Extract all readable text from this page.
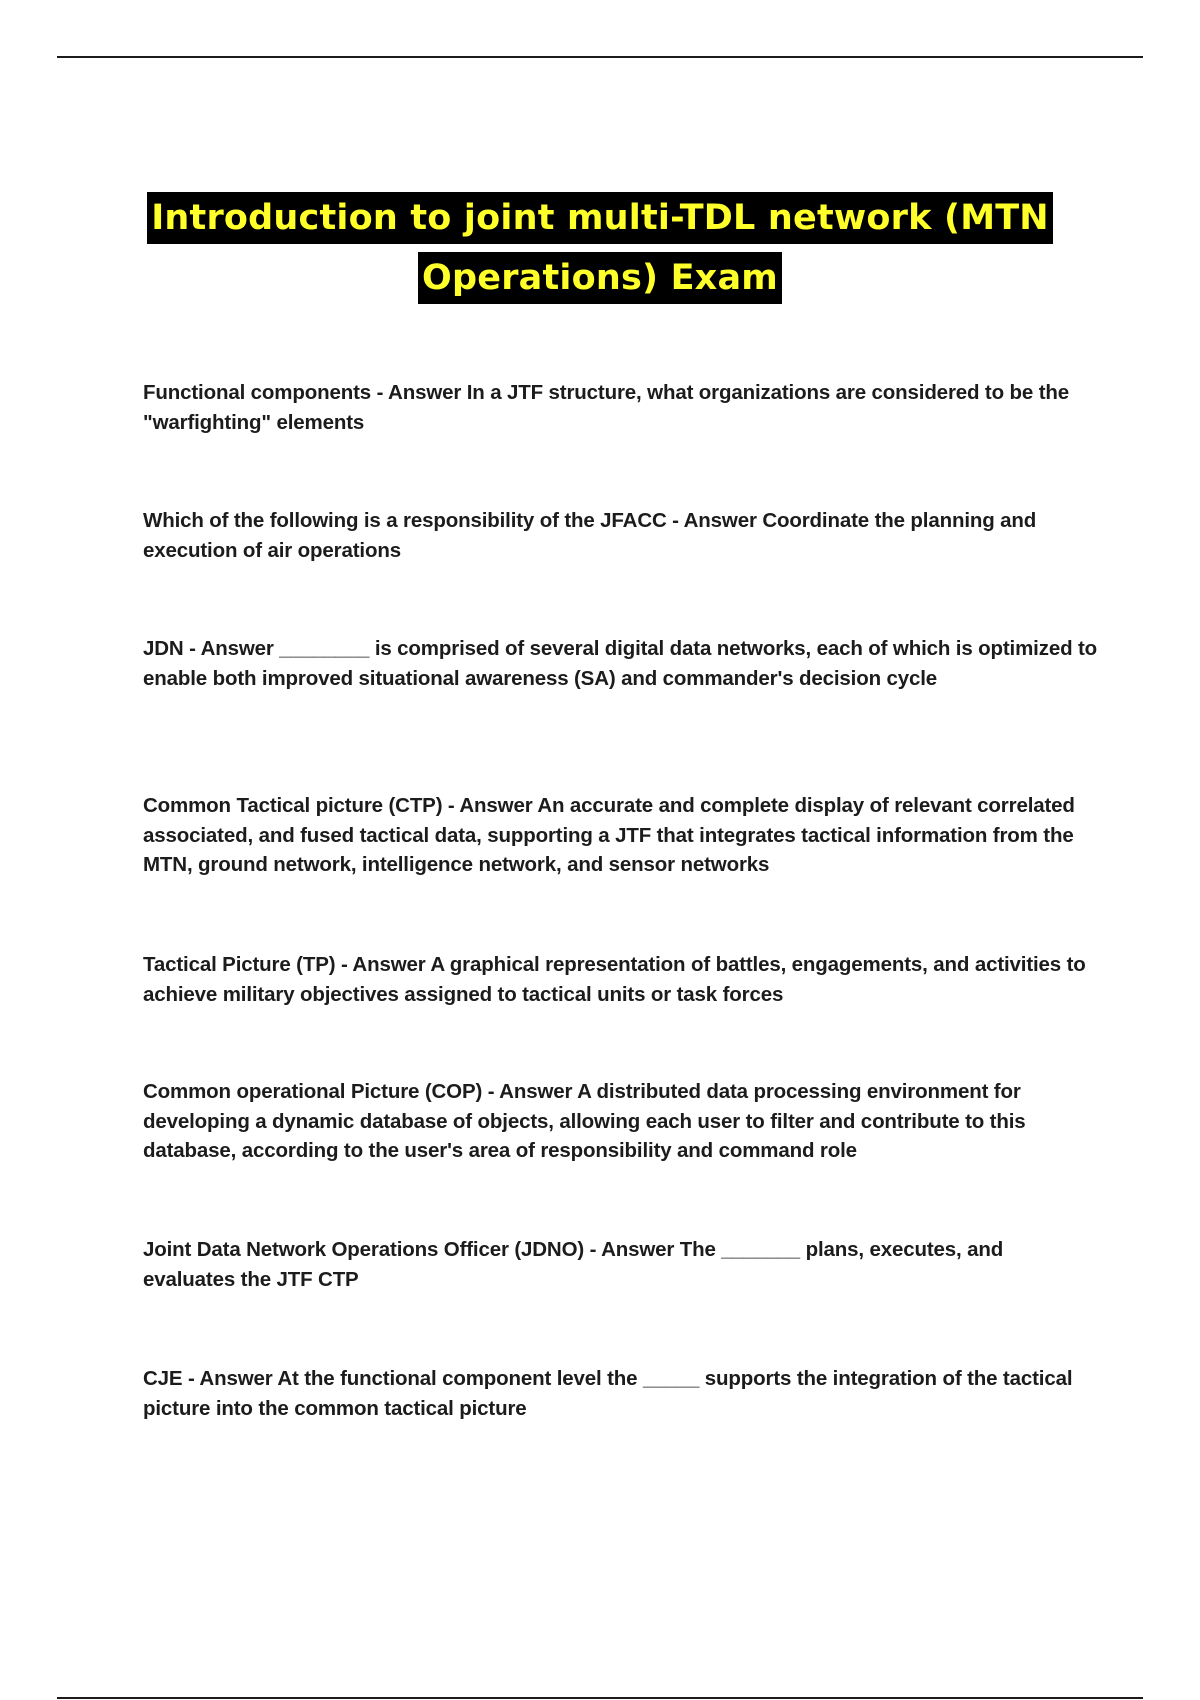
Introduction to joint multi-TDL network (MTN
Operations) Exam

Functional components - Answer In a JTF structure, what organizations are considered to be the "warfighting" elements

Which of the following is a responsibility of the JFACC - Answer Coordinate the planning and execution of air operations

JDN - Answer ________ is comprised of several digital data networks, each of which is optimized to enable both improved situational awareness (SA) and commander's decision cycle

Common Tactical picture (CTP) - Answer An accurate and complete display of relevant correlated associated, and fused tactical data, supporting a JTF that integrates tactical information from the MTN, ground network, intelligence network, and sensor networks

Tactical Picture (TP) - Answer A graphical representation of battles, engagements, and activities to achieve military objectives assigned to tactical units or task forces

Common operational Picture (COP) - Answer A distributed data processing environment for developing a dynamic database of objects, allowing each user to filter and contribute to this database, according to the user's area of responsibility and command role

Joint Data Network Operations Officer (JDNO) - Answer The _______ plans, executes, and evaluates the JTF CTP

CJE - Answer At the functional component level the _____ supports the integration of the tactical picture into the common tactical picture
